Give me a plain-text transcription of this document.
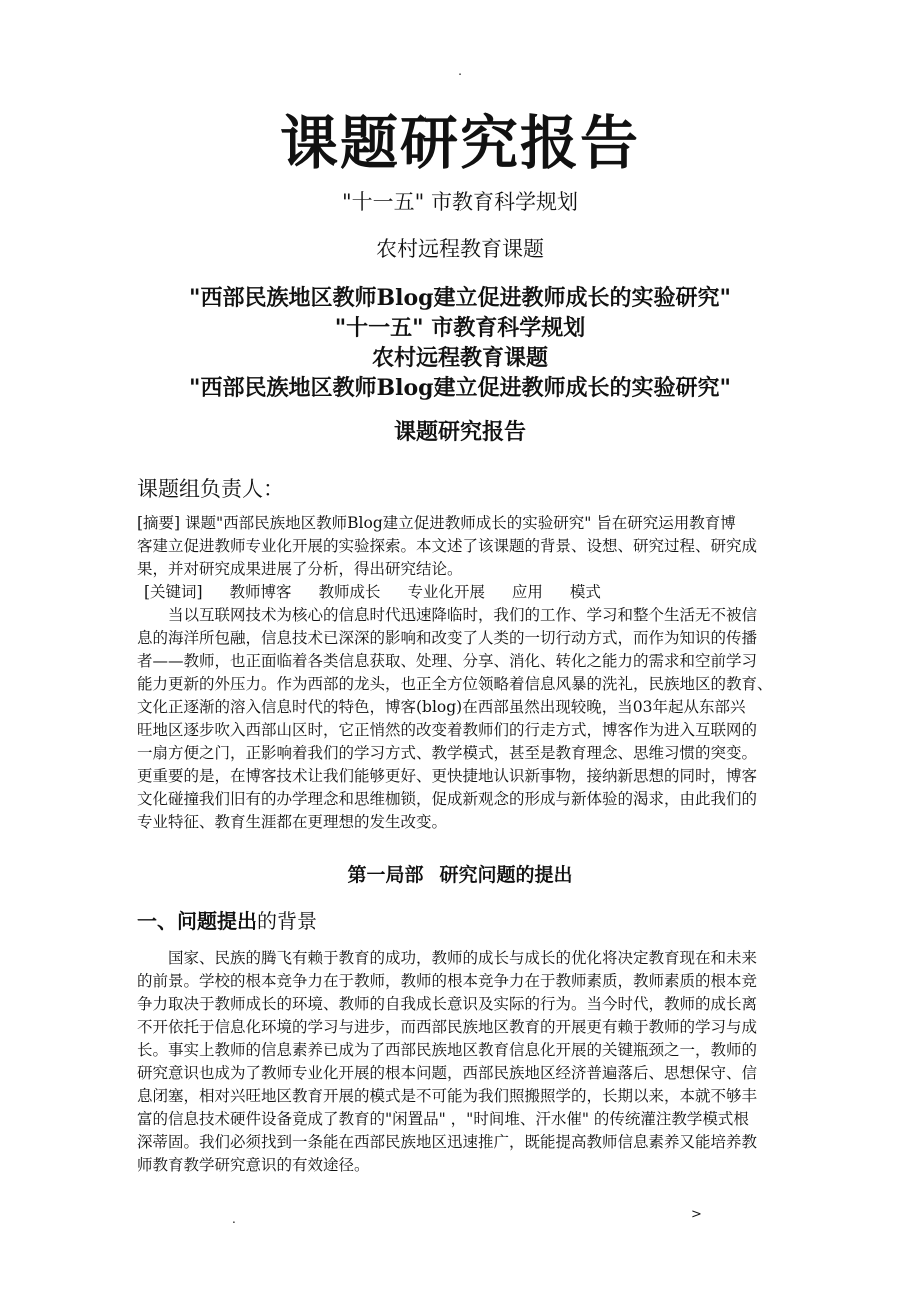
.
课题研究报告
"十一五" 市教育科学规划
农村远程教育课题
"西部民族地区教师Blog建立促进教师成长的实验研究"
"十一五" 市教育科学规划
农村远程教育课题
"西部民族地区教师Blog建立促进教师成长的实验研究"
课题研究报告
课题组负责人：
[摘要] 课题"西部民族地区教师Blog建立促进教师成长的实验研究" 旨在研究运用教育博
客建立促进教师专业化开展的实验探索。本文述了该课题的背景、设想、研究过程、研究成
果，并对研究成果进展了分析，得出研究结论。
[关键词] 教师博客 教师成长 专业化开展 应用 模式
当以互联网技术为核心的信息时代迅速降临时，我们的工作、学习和整个生活无不被信
息的海洋所包融，信息技术已深深的影响和改变了人类的一切行动方式，而作为知识的传播
者——教师，也正面临着各类信息获取、处理、分享、消化、转化之能力的需求和空前学习
能力更新的外压力。作为西部的龙头，也正全方位领略着信息风暴的洗礼，民族地区的教育、
文化正逐渐的溶入信息时代的特色，博客(blog)在西部虽然出现较晚，当03年起从东部兴
旺地区逐步吹入西部山区时，它正悄然的改变着教师们的行走方式，博客作为进入互联网的
一扇方便之门，正影响着我们的学习方式、教学模式，甚至是教育理念、思维习惯的突变。
更重要的是，在博客技术让我们能够更好、更快捷地认识新事物，接纳新思想的同时，博客
文化碰撞我们旧有的办学理念和思维枷锁，促成新观念的形成与新体验的渴求，由此我们的
专业特征、教育生涯都在更理想的发生改变。
第一局部 研究问题的提出
一、问题提出的背景
国家、民族的腾飞有赖于教育的成功，教师的成长与成长的优化将决定教育现在和未来
的前景。学校的根本竞争力在于教师，教师的根本竞争力在于教师素质，教师素质的根本竞
争力取决于教师成长的环境、教师的自我成长意识及实际的行为。当今时代，教师的成长离
不开依托于信息化环境的学习与进步，而西部民族地区教育的开展更有赖于教师的学习与成
长。事实上教师的信息素养已成为了西部民族地区教育信息化开展的关键瓶颈之一，教师的
研究意识也成为了教师专业化开展的根本问题，西部民族地区经济普遍落后、思想保守、信
息闭塞，相对兴旺地区教育开展的模式是不可能为我们照搬照学的，长期以来，本就不够丰
富的信息技术硬件设备竟成了教育的"闲置品" ，"时间堆、汗水催" 的传统灌注教学模式根
深蒂固。我们必须找到一条能在西部民族地区迅速推广，既能提高教师信息素养又能培养教
师教育教学研究意识的有效途径。
.	>
